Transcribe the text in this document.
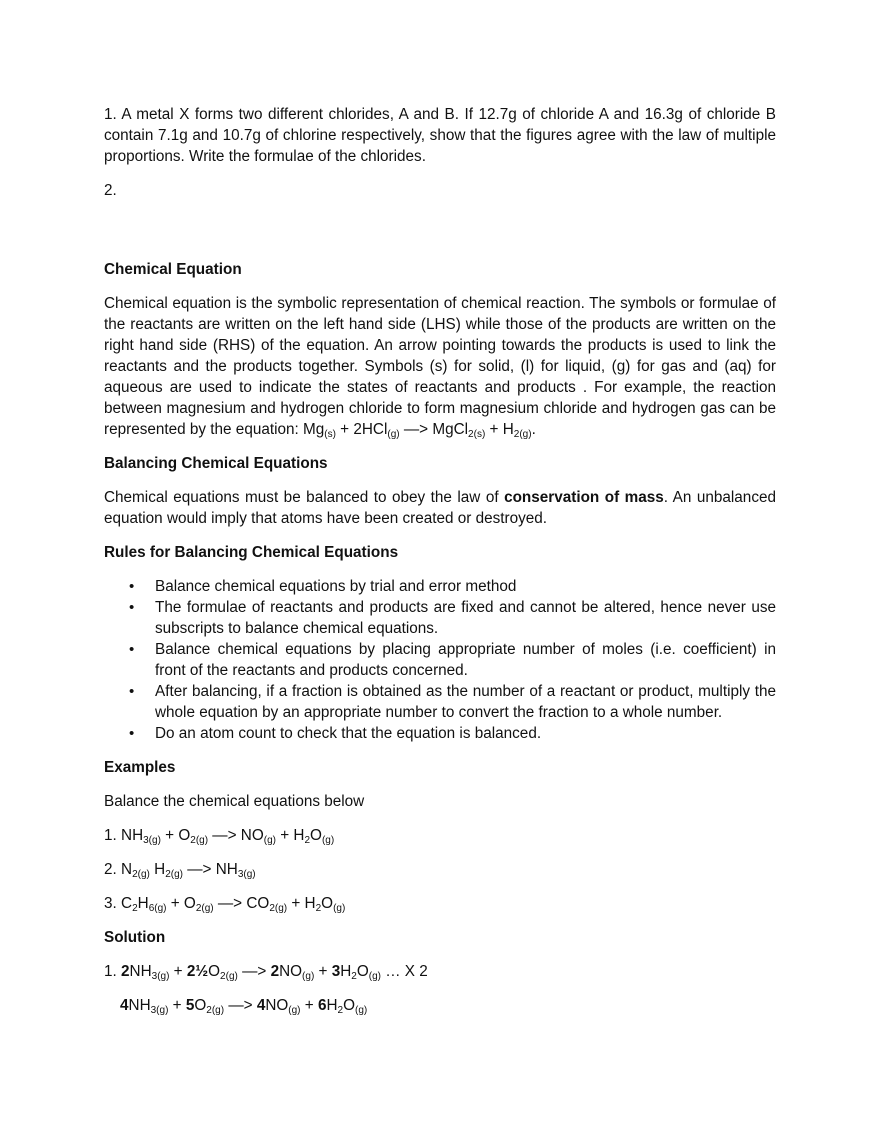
1. A metal X forms two different chlorides, A and B. If 12.7g of chloride A and 16.3g of chloride B contain 7.1g and 10.7g of chlorine respectively, show that the figures agree with the law of multiple proportions. Write the formulae of the chlorides.

2.

Chemical Equation

Chemical equation is the symbolic representation of chemical reaction. The symbols or formulae of the reactants are written on the left hand side (LHS) while those of the products are written on the right hand side (RHS) of the equation. An arrow pointing towards the products is used to link the reactants and the products together. Symbols (s) for solid, (l) for liquid, (g) for gas and (aq) for aqueous are used to indicate the states of reactants and products . For example, the reaction between magnesium and hydrogen chloride to form magnesium chloride and hydrogen gas can be represented by the equation: $Mg_{(s)} + 2HCl_{(g)}$ —> MgCl$_{2(s)}$ + $H_{2(g)}$.

Balancing Chemical Equations

Chemical equations must be balanced to obey the law of conservation of mass. An unbalanced equation would imply that atoms have been created or destroyed.

Rules for Balancing Chemical Equations
• Balance chemical equations by trial and error method
• The formulae of reactants and products are fixed and cannot be altered, hence never use subscripts to balance chemical equations.
• Balance chemical equations by placing appropriate number of moles (i.e. coefficient) in front of the reactants and products concerned.
• After balancing, if a fraction is obtained as the number of a reactant or product, multiply the whole equation by an appropriate number to convert the fraction to a whole number.
• Do an atom count to check that the equation is balanced.
Examples

Balance the chemical equations below

1. $NH_{3(g)} + O_{2(g)}$ —> $NO_{(g)} + H_2O_{(g)}$
2. $N_{2(g)}$ $H_{2(g)}$ —> $NH_{3(g)}$
3. $C_2H_{6(g)} + O_{2(g)}$ —> $CO_{2(g)} + H_2O_{(g)}$
Solution
1. $2NH_{3(g)}$ + $2\frac{1}{2}O_{2(g)}$ —> $2NO_{(g)} + 3H_2O_{(g)}$ … X 2
$4NH_{3(g)} + 5O_{2(g)}$ —> $4NO_{(g)} + 6H_2O_{(g)}$
